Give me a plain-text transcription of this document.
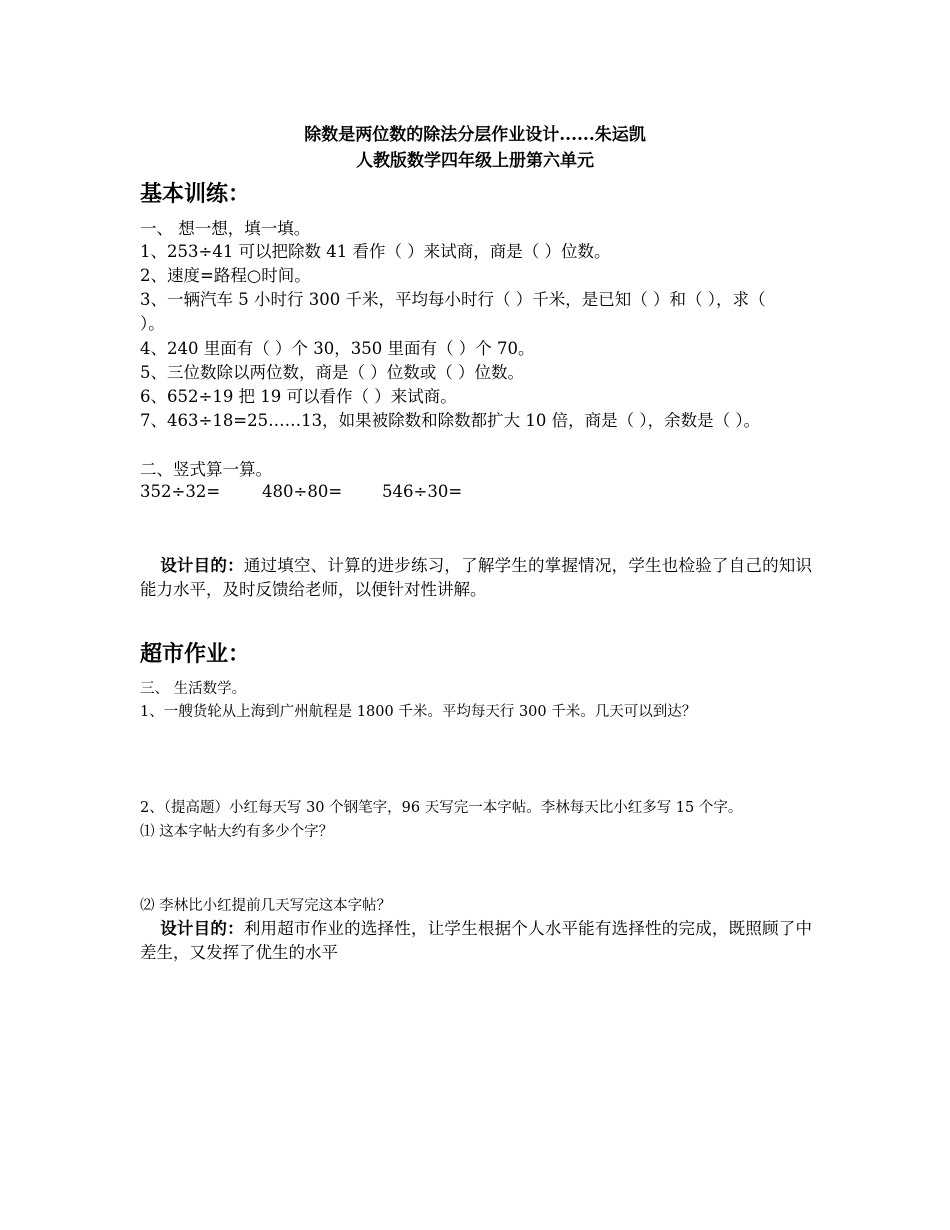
除数是两位数的除法分层作业设计......朱运凯
人教版数学四年级上册第六单元
基本训练：
一、 想一想，填一填。
1、253÷41 可以把除数 41 看作（ ）来试商，商是（ ）位数。
2、速度=路程○时间。
3、一辆汽车 5 小时行 300 千米，平均每小时行（ ）千米，是已知（ ）和（ ），求（
）。
4、240 里面有（ ）个 30，350 里面有（ ）个 70。
5、三位数除以两位数，商是（ ）位数或（ ）位数。
6、652÷19 把 19 可以看作（ ）来试商。
7、463÷18=25……13，如果被除数和除数都扩大 10 倍，商是（ ），余数是（ ）。
二、竖式算一算。
352÷32=	480÷80= 546÷30=
设计目的：通过填空、计算的进步练习，了解学生的掌握情况，学生也检验了自己的知识能力水平，及时反馈给老师，以便针对性讲解。
超市作业：
三、 生活数学。
1、一艘货轮从上海到广州航程是 1800 千米。平均每天行 300 千米。几天可以到达？
2、（提高题）小红每天写 30 个钢笔字，96 天写完一本字帖。李林每天比小红多写 15 个字。
⑴ 这本字帖大约有多少个字？
⑵ 李林比小红提前几天写完这本字帖？
设计目的：利用超市作业的选择性，让学生根据个人水平能有选择性的完成，既照顾了中差生，又发挥了优生的水平
